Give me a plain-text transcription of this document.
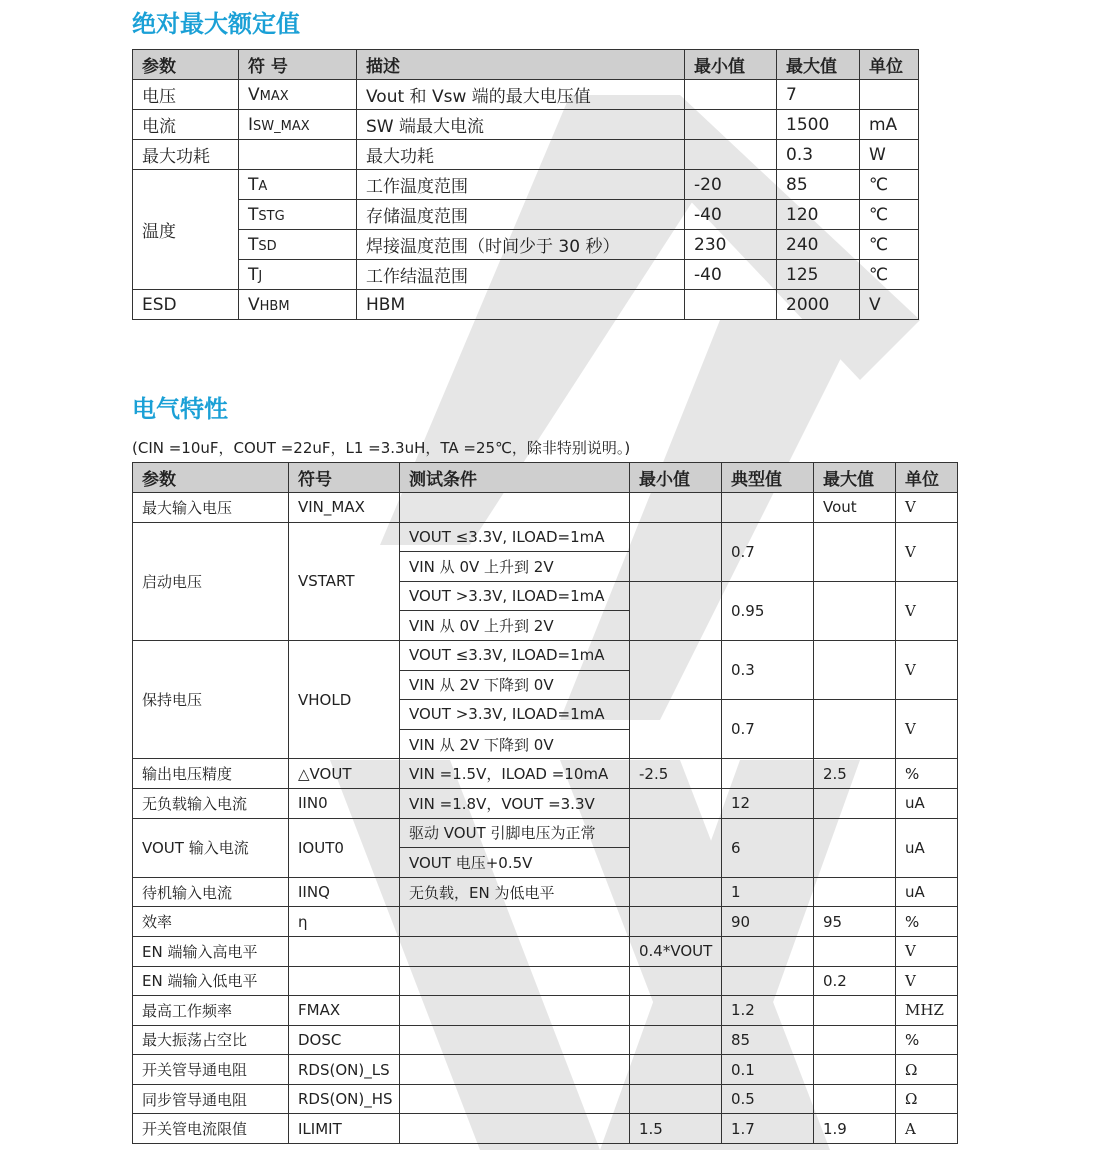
绝对最大额定值
参数	符 号	描述	最小值	最大值	单位
电压	VMAX	Vout 和 Vsw 端的最大电压值		7	
电流	ISW_MAX	SW 端最大电流		1500	mA
最大功耗		最大功耗		0.3	W
温度	TA	工作温度范围	-20	85	℃
	TSTG	存储温度范围	-40	120	℃
	TSD	焊接温度范围（时间少于 30 秒）	230	240	℃
	TJ	工作结温范围	-40	125	℃
ESD	VHBM	HBM		2000	V
电气特性
(CIN =10uF，COUT =22uF，L1 =3.3uH，TA =25℃，除非特别说明。)
参数	符号	测试条件	最小值	典型值	最大值	单位
最大输入电压	VIN_MAX				Vout	V
启动电压	VSTART	VOUT ≤3.3V, ILOAD=1mA		0.7		V
		VIN 从 0V 上升到 2V				
		VOUT >3.3V, ILOAD=1mA		0.95		V
		VIN 从 0V 上升到 2V				
保持电压	VHOLD	VOUT ≤3.3V, ILOAD=1mA		0.3		V
		VIN 从 2V 下降到 0V				
		VOUT >3.3V, ILOAD=1mA		0.7		V
		VIN 从 2V 下降到 0V				
输出电压精度	△VOUT	VIN =1.5V，ILOAD =10mA	-2.5		2.5	%
无负载输入电流	IIN0	VIN =1.8V，VOUT =3.3V		12		uA
VOUT 输入电流	IOUT0	驱动 VOUT 引脚电压为正常		6		uA
		VOUT 电压+0.5V				
待机输入电流	IINQ	无负载，EN 为低电平		1		uA
效率	η			90	95	%
EN 端输入高电平			0.4*VOUT			V
EN 端输入低电平					0.2	V
最高工作频率	FMAX			1.2		MHZ
最大振荡占空比	DOSC			85		%
开关管导通电阻	RDS(ON)_LS			0.1		Ω
同步管导通电阻	RDS(ON)_HS			0.5		Ω
开关管电流限值	ILIMIT		1.5	1.7	1.9	A
